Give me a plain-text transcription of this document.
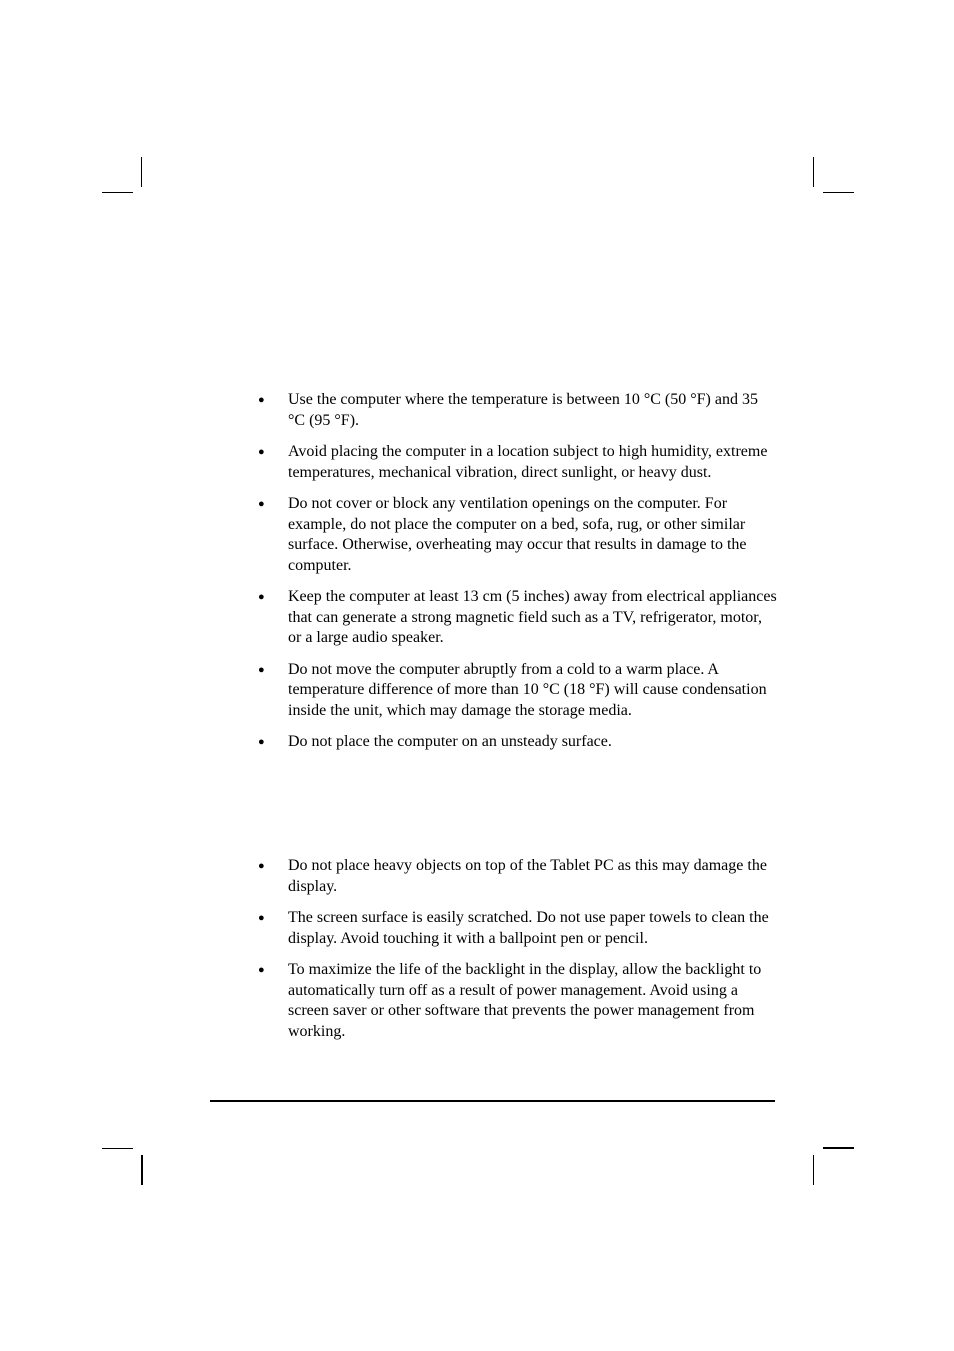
● Use the computer where the temperature is between 10 °C (50 °F) and 35 °C (95 °F).
● Avoid placing the computer in a location subject to high humidity, extreme temperatures, mechanical vibration, direct sunlight, or heavy dust.
● Do not cover or block any ventilation openings on the computer. For example, do not place the computer on a bed, sofa, rug, or other similar surface. Otherwise, overheating may occur that results in damage to the computer.
● Keep the computer at least 13 cm (5 inches) away from electrical appliances that can generate a strong magnetic field such as a TV, refrigerator, motor, or a large audio speaker.
● Do not move the computer abruptly from a cold to a warm place. A temperature difference of more than 10 °C (18 °F) will cause condensation inside the unit, which may damage the storage media.
● Do not place the computer on an unsteady surface.
● Do not place heavy objects on top of the Tablet PC as this may damage the display.
● The screen surface is easily scratched. Do not use paper towels to clean the display. Avoid touching it with a ballpoint pen or pencil.
● To maximize the life of the backlight in the display, allow the backlight to automatically turn off as a result of power management. Avoid using a screen saver or other software that prevents the power management from working.
